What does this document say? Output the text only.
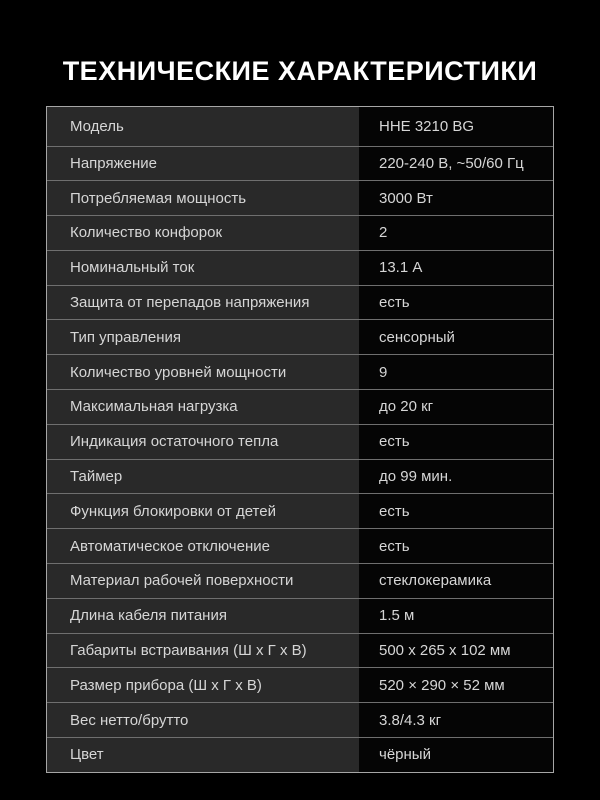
ТЕХНИЧЕСКИЕ ХАРАКТЕРИСТИКИ
Модель	HHE 3210 BG
Напряжение	220-240 В, ~50/60 Гц
Потребляемая мощность	3000 Вт
Количество конфорок	2
Номинальный ток	13.1 А
Защита от перепадов напряжения	есть
Тип управления	сенсорный
Количество уровней мощности	9
Максимальная нагрузка	до 20 кг
Индикация остаточного тепла	есть
Таймер	до 99 мин.
Функция блокировки от детей	есть
Автоматическое отключение	есть
Материал рабочей поверхности	стеклокерамика
Длина кабеля питания	1.5 м
Габариты встраивания (Ш х Г х В)	500 х 265 х 102 мм
Размер прибора (Ш х Г х В)	520 × 290 × 52 мм
Вес нетто/брутто	3.8/4.3 кг
Цвет	чёрный
